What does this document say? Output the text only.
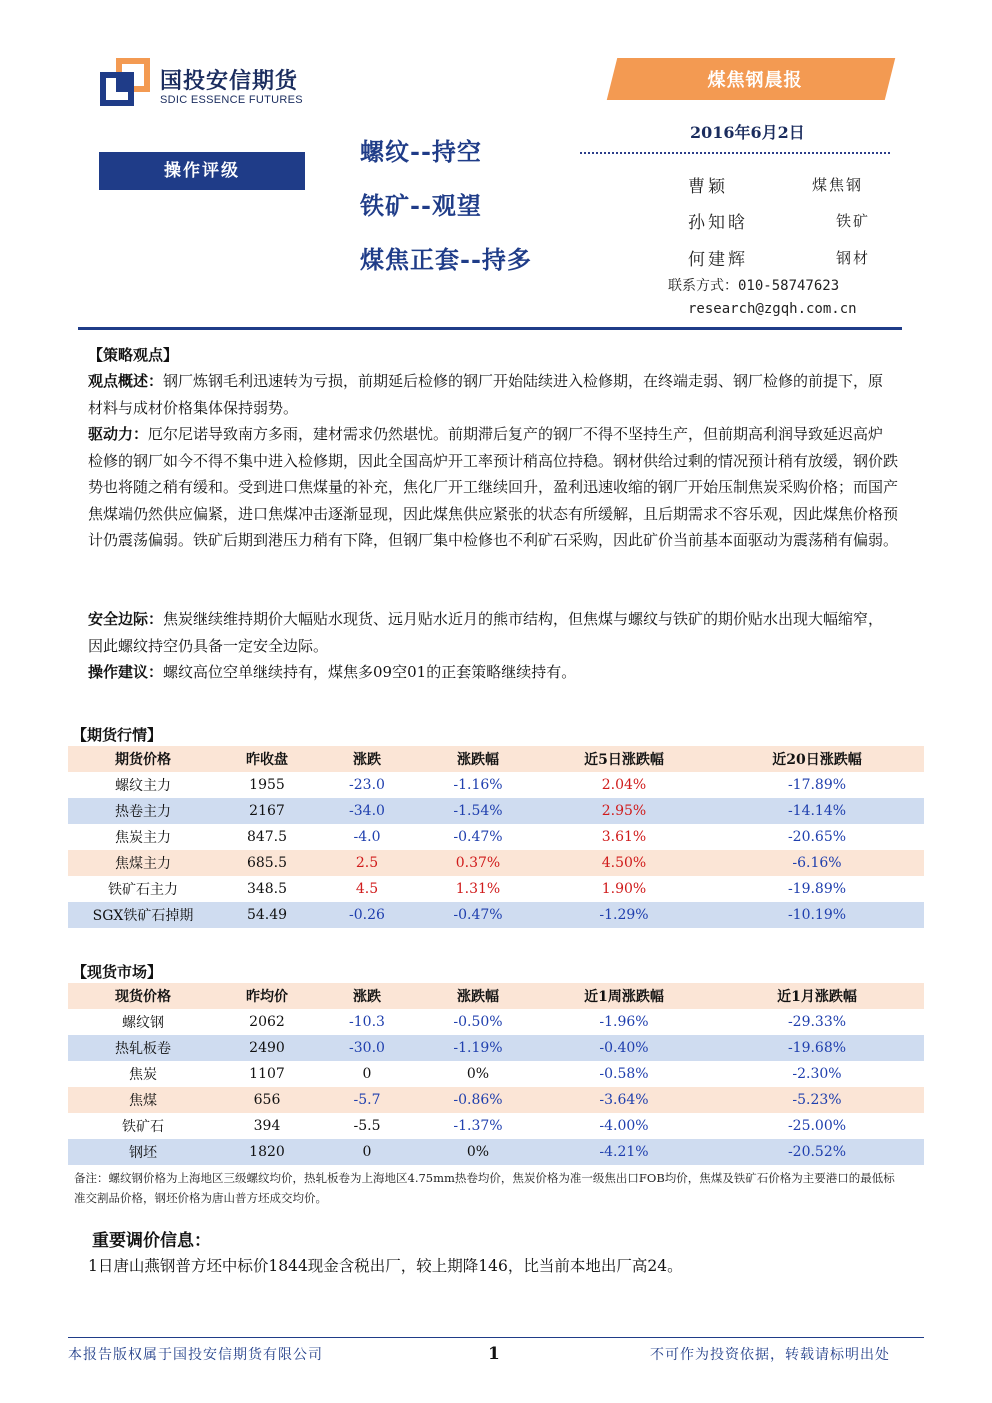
国投安信期货
SDIC ESSENCE FUTURES
煤焦钢晨报
2016年6月2日
操作评级
螺纹--持空
铁矿--观望
煤焦正套--持多
曹颖	煤焦钢
孙知晗	铁矿
何建辉	钢材
联系方式：010-58747623
research@zgqh.com.cn
【策略观点】
观点概述：钢厂炼钢毛利迅速转为亏损，前期延后检修的钢厂开始陆续进入检修期，在终端走弱、钢厂检修的前提下，原材料与成材价格集体保持弱势。
驱动力：厄尔尼诺导致南方多雨，建材需求仍然堪忧。前期滞后复产的钢厂不得不坚持生产，但前期高利润导致延迟高炉检修的钢厂如今不得不集中进入检修期，因此全国高炉开工率预计稍高位持稳。钢材供给过剩的情况预计稍有放缓，钢价跌势也将随之稍有缓和。受到进口焦煤量的补充，焦化厂开工继续回升，盈利迅速收缩的钢厂开始压制焦炭采购价格；而国产焦煤端仍然供应偏紧，进口焦煤冲击逐渐显现，因此煤焦供应紧张的状态有所缓解，且后期需求不容乐观，因此煤焦价格预计仍震荡偏弱。铁矿后期到港压力稍有下降，但钢厂集中检修也不利矿石采购，因此矿价当前基本面驱动为震荡稍有偏弱。
安全边际：焦炭继续维持期价大幅贴水现货、远月贴水近月的熊市结构，但焦煤与螺纹与铁矿的期价贴水出现大幅缩窄，因此螺纹持空仍具备一定安全边际。
操作建议：螺纹高位空单继续持有，煤焦多09空01的正套策略继续持有。
【期货行情】
期货价格	昨收盘	涨跌	涨跌幅	近5日涨跌幅	近20日涨跌幅
螺纹主力	1955	-23.0	-1.16%	2.04%	-17.89%
热卷主力	2167	-34.0	-1.54%	2.95%	-14.14%
焦炭主力	847.5	-4.0	-0.47%	3.61%	-20.65%
焦煤主力	685.5	2.5	0.37%	4.50%	-6.16%
铁矿石主力	348.5	4.5	1.31%	1.90%	-19.89%
SGX铁矿石掉期	54.49	-0.26	-0.47%	-1.29%	-10.19%
【现货市场】
现货价格	昨均价	涨跌	涨跌幅	近1周涨跌幅	近1月涨跌幅
螺纹钢	2062	-10.3	-0.50%	-1.96%	-29.33%
热轧板卷	2490	-30.0	-1.19%	-0.40%	-19.68%
焦炭	1107	0	0%	-0.58%	-2.30%
焦煤	656	-5.7	-0.86%	-3.64%	-5.23%
铁矿石	394	-5.5	-1.37%	-4.00%	-25.00%
钢坯	1820	0	0%	-4.21%	-20.52%
备注：螺纹钢价格为上海地区三级螺纹均价，热轧板卷为上海地区4.75mm热卷均价，焦炭价格为准一级焦出口FOB均价，焦煤及铁矿石价格为主要港口的最低标准交割品价格，钢坯价格为唐山普方坯成交均价。
重要调价信息：
1日唐山燕钢普方坯中标价1844现金含税出厂，较上期降146，比当前本地出厂高24。
本报告版权属于国投安信期货有限公司	1	不可作为投资依据，转载请标明出处
